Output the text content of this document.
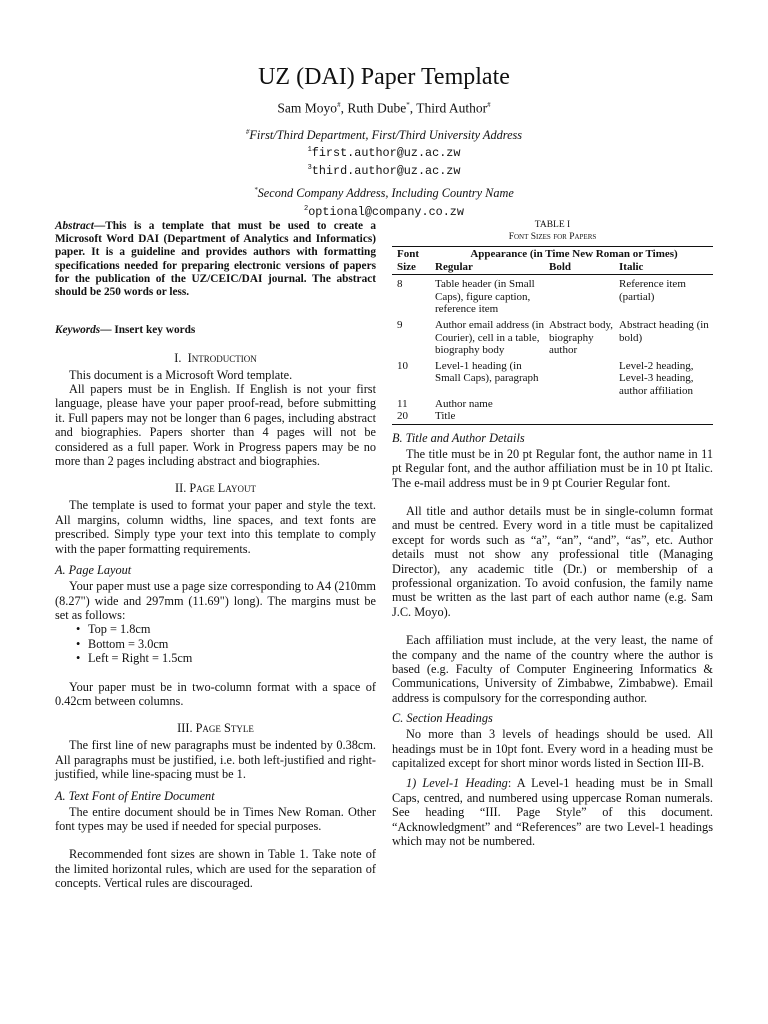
UZ (DAI) Paper Template
Sam Moyo#, Ruth Dube*, Third Author#
#First/Third Department, First/Third University Address
$^1$first.author@uz.ac.zw
$^3$third.author@uz.ac.zw
*Second Company Address, Including Country Name
$^2$optional@company.co.zw

Abstract—This is a template that must be used to create a Microsoft Word DAI (Department of Analytics and Informatics) paper. It is a guideline and provides authors with formatting specifications needed for preparing electronic versions of papers for the publication of the UZ/CEIC/DAI journal. The abstract should be 250 words or less.

Keywords— Insert key words

I. Introduction

This document is a Microsoft Word template.

All papers must be in English. If English is not your first language, please have your paper proof-read, before submitting it. Full papers may not be longer than 6 pages, including abstract and biographies. Papers shorter than 4 pages will not be considered as a full paper. Work in Progress papers may be no more than 2 pages including abstract and biographies.

II. Page Layout

The template is used to format your paper and style the text. All margins, column widths, line spaces, and text fonts are prescribed. Simply type your text into this template to comply with the paper formatting requirements.

A. Page Layout

Your paper must use a page size corresponding to A4 (210mm (8.27") wide and 297mm (11.69") long). The margins must be set as follows:

• Top = 1.8cm
• Bottom = 3.0cm
• Left = Right = 1.5cm

Your paper must be in two-column format with a space of 0.42cm between columns.

III. Page Style

The first line of new paragraphs must be indented by 0.38cm. All paragraphs must be justified, i.e. both left-justified and right-justified, while line-spacing must be 1.

A. Text Font of Entire Document

The entire document should be in Times New Roman. Other font types may be used if needed for special purposes.

Recommended font sizes are shown in Table 1. Take note of the limited horizontal rules, which are used for the separation of concepts. Vertical rules are discouraged.

TABLE I
Font Sizes for Papers
Font	Appearance (in Time New Roman or Times)		
Size	Regular	Bold	Italic
8	Table header (in Small Caps), figure caption, reference item		Reference item (partial)
9	Author email address (in Courier), cell in a table, biography body	Abstract body, biography author	Abstract heading (in bold)
10	Level-1 heading (in Small Caps), paragraph		Level-2 heading, Level-3 heading, author affiliation
11	Author name		
20	Title		
B. Title and Author Details

The title must be in 20 pt Regular font, the author name in 11 pt Regular font, and the author affiliation must be in 10 pt Italic. The e-mail address must be in 9 pt Courier Regular font.

All title and author details must be in single-column format and must be centred. Every word in a title must be capitalized except for words such as “a”, “an”, “and”, “as”, etc. Author details must not show any professional title (Managing Director), any academic title (Dr.) or membership of a professional organization. To avoid confusion, the family name must be written as the last part of each author name (e.g. Sam J.C. Moyo).

Each affiliation must include, at the very least, the name of the company and the name of the country where the author is based (e.g. Faculty of Computer Engineering Informatics & Communications, University of Zimbabwe, Zimbabwe). Email address is compulsory for the corresponding author.

C. Section Headings

No more than 3 levels of headings should be used. All headings must be in 10pt font. Every word in a heading must be capitalized except for short minor words listed in Section III-B.

1) Level-1 Heading: A Level-1 heading must be in Small Caps, centred, and numbered using uppercase Roman numerals. See heading “III. Page Style” of this document. “Acknowledgment” and “References” are two Level-1 headings which may not be numbered.
